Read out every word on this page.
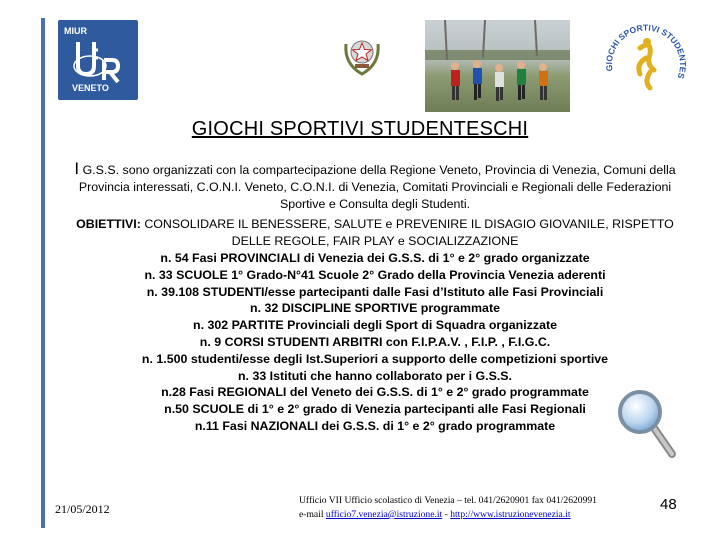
MIUR
VENETO
GIOCHI SPORTIVI STUDENTES
GIOCHI SPORTIVI STUDENTESCHI
I G.S.S. sono organizzati con la compartecipazione della Regione Veneto, Provincia di Venezia, Comuni della Provincia interessati, C.O.N.I. Veneto, C.O.N.I. di Venezia, Comitati Provinciali e Regionali delle Federazioni Sportive e Consulta degli Studenti.
OBIETTIVI: CONSOLIDARE IL BENESSERE, SALUTE e PREVENIRE IL DISAGIO GIOVANILE, RISPETTO DELLE REGOLE, FAIR PLAY e SOCIALIZZAZIONE
n. 54 Fasi PROVINCIALI di Venezia dei G.S.S. di 1° e 2° grado organizzate
n. 33 SCUOLE 1° Grado-N°41 Scuole 2° Grado della Provincia Venezia aderenti
n. 39.108 STUDENTI/esse partecipanti dalle Fasi d’Istituto alle Fasi Provinciali
n. 32 DISCIPLINE SPORTIVE programmate
n. 302 PARTITE Provinciali degli Sport di Squadra organizzate
n. 9 CORSI STUDENTI ARBITRI con F.I.P.A.V. , F.I.P. , F.I.G.C.
n. 1.500 studenti/esse degli Ist.Superiori a supporto delle competizioni sportive
n. 33 Istituti che hanno collaborato per i G.S.S.
n.28 Fasi REGIONALI del Veneto dei G.S.S. di 1° e 2° grado programmate
n.50 SCUOLE di 1° e 2° grado di Venezia partecipanti alle Fasi Regionali
n.11 Fasi NAZIONALI dei G.S.S. di 1° e 2° grado programmate
21/05/2012
Ufficio VII Ufficio scolastico di Venezia – tel. 041/2620901 fax 041/2620991
e-mail ufficio7.venezia@istruzione.it - http://www.istruzionevenezia.it
48
